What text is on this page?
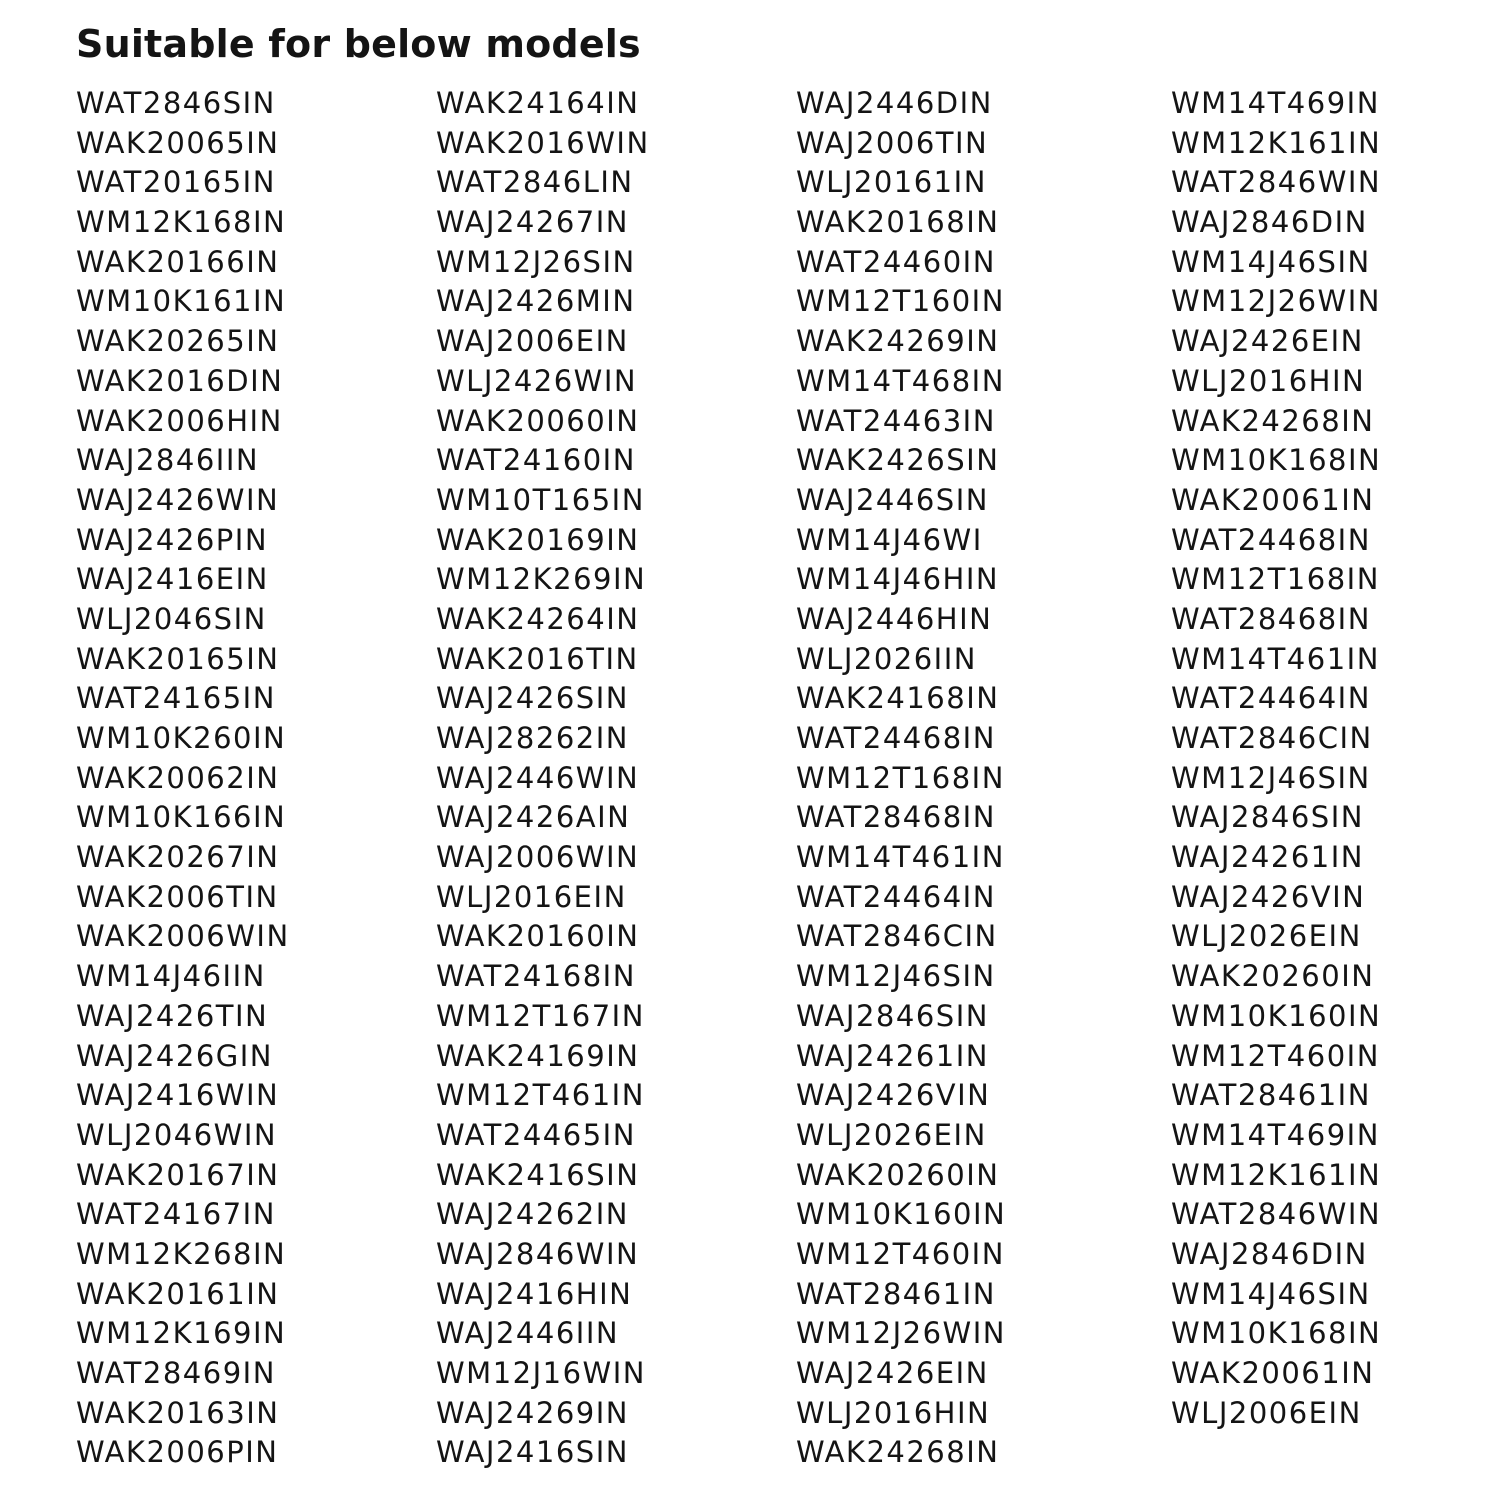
Suitable for below models
WAT2846SIN
WAK20065IN
WAT20165IN
WM12K168IN
WAK20166IN
WM10K161IN
WAK20265IN
WAK2016DIN
WAK2006HIN
WAJ2846IIN
WAJ2426WIN
WAJ2426PIN
WAJ2416EIN
WLJ2046SIN
WAK20165IN
WAT24165IN
WM10K260IN
WAK20062IN
WM10K166IN
WAK20267IN
WAK2006TIN
WAK2006WIN
WM14J46IIN
WAJ2426TIN
WAJ2426GIN
WAJ2416WIN
WLJ2046WIN
WAK20167IN
WAT24167IN
WM12K268IN
WAK20161IN
WM12K169IN
WAT28469IN
WAK20163IN
WAK2006PIN
WAK24164IN
WAK2016WIN
WAT2846LIN
WAJ24267IN
WM12J26SIN
WAJ2426MIN
WAJ2006EIN
WLJ2426WIN
WAK20060IN
WAT24160IN
WM10T165IN
WAK20169IN
WM12K269IN
WAK24264IN
WAK2016TIN
WAJ2426SIN
WAJ28262IN
WAJ2446WIN
WAJ2426AIN
WAJ2006WIN
WLJ2016EIN
WAK20160IN
WAT24168IN
WM12T167IN
WAK24169IN
WM12T461IN
WAT24465IN
WAK2416SIN
WAJ24262IN
WAJ2846WIN
WAJ2416HIN
WAJ2446IIN
WM12J16WIN
WAJ24269IN
WAJ2416SIN
WAJ2446DIN
WAJ2006TIN
WLJ20161IN
WAK20168IN
WAT24460IN
WM12T160IN
WAK24269IN
WM14T468IN
WAT24463IN
WAK2426SIN
WAJ2446SIN
WM14J46WI
WM14J46HIN
WAJ2446HIN
WLJ2026IIN
WAK24168IN
WAT24468IN
WM12T168IN
WAT28468IN
WM14T461IN
WAT24464IN
WAT2846CIN
WM12J46SIN
WAJ2846SIN
WAJ24261IN
WAJ2426VIN
WLJ2026EIN
WAK20260IN
WM10K160IN
WM12T460IN
WAT28461IN
WM12J26WIN
WAJ2426EIN
WLJ2016HIN
WAK24268IN
WM14T469IN
WM12K161IN
WAT2846WIN
WAJ2846DIN
WM14J46SIN
WM12J26WIN
WAJ2426EIN
WLJ2016HIN
WAK24268IN
WM10K168IN
WAK20061IN
WAT24468IN
WM12T168IN
WAT28468IN
WM14T461IN
WAT24464IN
WAT2846CIN
WM12J46SIN
WAJ2846SIN
WAJ24261IN
WAJ2426VIN
WLJ2026EIN
WAK20260IN
WM10K160IN
WM12T460IN
WAT28461IN
WM14T469IN
WM12K161IN
WAT2846WIN
WAJ2846DIN
WM14J46SIN
WM10K168IN
WAK20061IN
WLJ2006EIN
